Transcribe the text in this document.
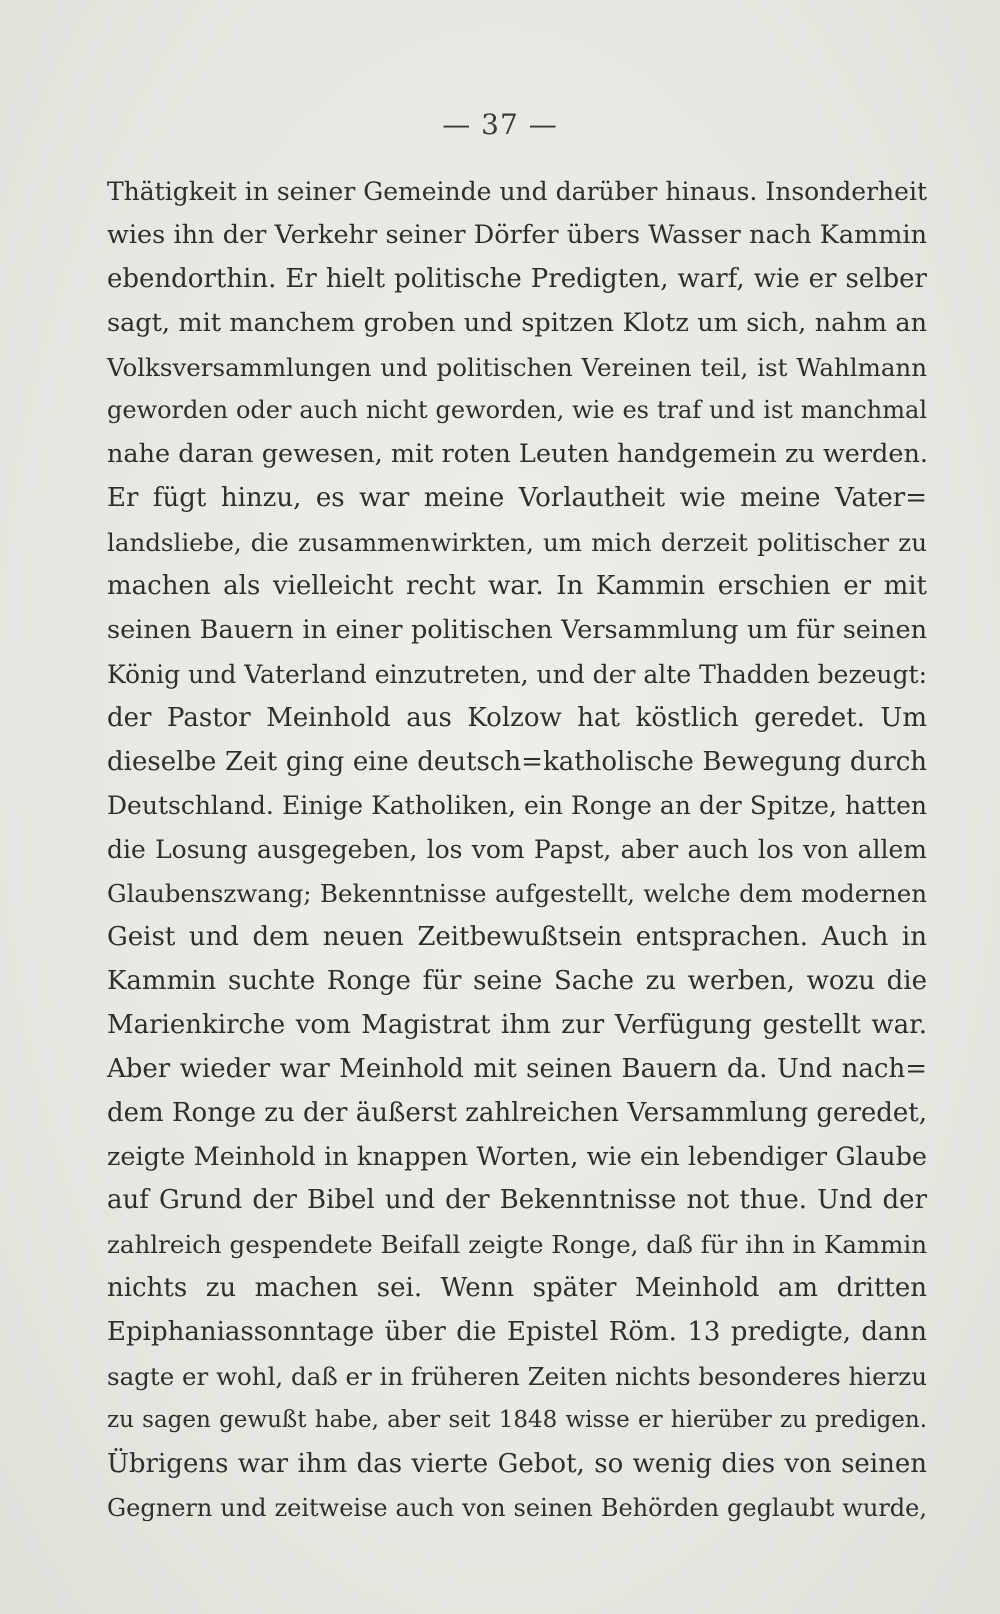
— 37 —
Thätigkeit in seiner Gemeinde und darüber hinaus. Insonderheit
wies ihn der Verkehr seiner Dörfer übers Wasser nach Kammin
ebendorthin. Er hielt politische Predigten, warf, wie er selber
sagt, mit manchem groben und spitzen Klotz um sich, nahm an
Volksversammlungen und politischen Vereinen teil, ist Wahlmann
geworden oder auch nicht geworden, wie es traf und ist manchmal
nahe daran gewesen, mit roten Leuten handgemein zu werden.
Er fügt hinzu, es war meine Vorlautheit wie meine Vater=
landsliebe, die zusammenwirkten, um mich derzeit politischer zu
machen als vielleicht recht war. In Kammin erschien er mit
seinen Bauern in einer politischen Versammlung um für seinen
König und Vaterland einzutreten, und der alte Thadden bezeugt:
der Pastor Meinhold aus Kolzow hat köstlich geredet. Um
dieselbe Zeit ging eine deutsch=katholische Bewegung durch
Deutschland. Einige Katholiken, ein Ronge an der Spitze, hatten
die Losung ausgegeben, los vom Papst, aber auch los von allem
Glaubenszwang; Bekenntnisse aufgestellt, welche dem modernen
Geist und dem neuen Zeitbewußtsein entsprachen. Auch in
Kammin suchte Ronge für seine Sache zu werben, wozu die
Marienkirche vom Magistrat ihm zur Verfügung gestellt war.
Aber wieder war Meinhold mit seinen Bauern da. Und nach=
dem Ronge zu der äußerst zahlreichen Versammlung geredet,
zeigte Meinhold in knappen Worten, wie ein lebendiger Glaube
auf Grund der Bibel und der Bekenntnisse not thue. Und der
zahlreich gespendete Beifall zeigte Ronge, daß für ihn in Kammin
nichts zu machen sei. Wenn später Meinhold am dritten
Epiphaniassonntage über die Epistel Röm. 13 predigte, dann
sagte er wohl, daß er in früheren Zeiten nichts besonderes hierzu
zu sagen gewußt habe, aber seit 1848 wisse er hierüber zu predigen.
Übrigens war ihm das vierte Gebot, so wenig dies von seinen
Gegnern und zeitweise auch von seinen Behörden geglaubt wurde,
